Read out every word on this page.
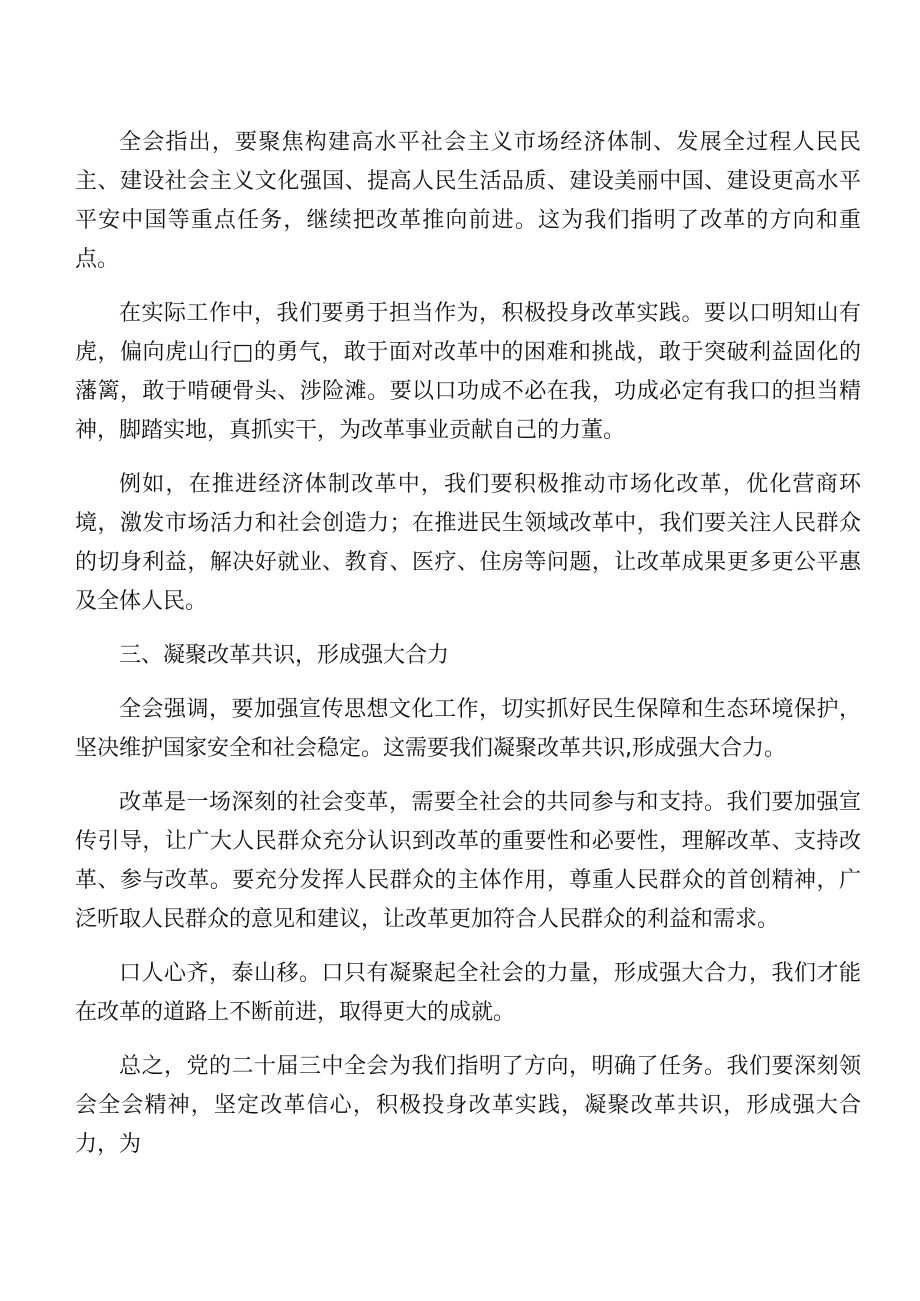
全会指出，要聚焦构建高水平社会主义市场经济体制、发展全过程人民民主、建设社会主义文化强国、提高人民生活品质、建设美丽中国、建设更高水平平安中国等重点任务，继续把改革推向前进。这为我们指明了改革的方向和重点。

在实际工作中，我们要勇于担当作为，积极投身改革实践。要以口明知山有虎，偏向虎山行□的勇气，敢于面对改革中的困难和挑战，敢于突破利益固化的藩篱，敢于啃硬骨头、涉险滩。要以口功成不必在我，功成必定有我口的担当精神，脚踏实地，真抓实干，为改革事业贡献自己的力董。

例如，在推进经济体制改革中，我们要积极推动市场化改革，优化营商环境，激发市场活力和社会创造力；在推进民生领域改革中，我们要关注人民群众的切身利益，解决好就业、教育、医疗、住房等问题，让改革成果更多更公平惠及全体人民。

三、凝聚改革共识，形成强大合力

全会强调，要加强宣传思想文化工作，切实抓好民生保障和生态环境保护，坚决维护国家安全和社会稳定。这需要我们凝聚改革共识,形成强大合力。

改革是一场深刻的社会变革，需要全社会的共同参与和支持。我们要加强宣传引导，让广大人民群众充分认识到改革的重要性和必要性，理解改革、支持改革、参与改革。要充分发挥人民群众的主体作用，尊重人民群众的首创精神，广泛听取人民群众的意见和建议，让改革更加符合人民群众的利益和需求。

口人心齐，泰山移。口只有凝聚起全社会的力量，形成强大合力，我们才能在改革的道路上不断前进，取得更大的成就。

总之，党的二十届三中全会为我们指明了方向，明确了任务。我们要深刻领会全会精神，坚定改革信心，积极投身改革实践，凝聚改革共识，形成强大合力，为
